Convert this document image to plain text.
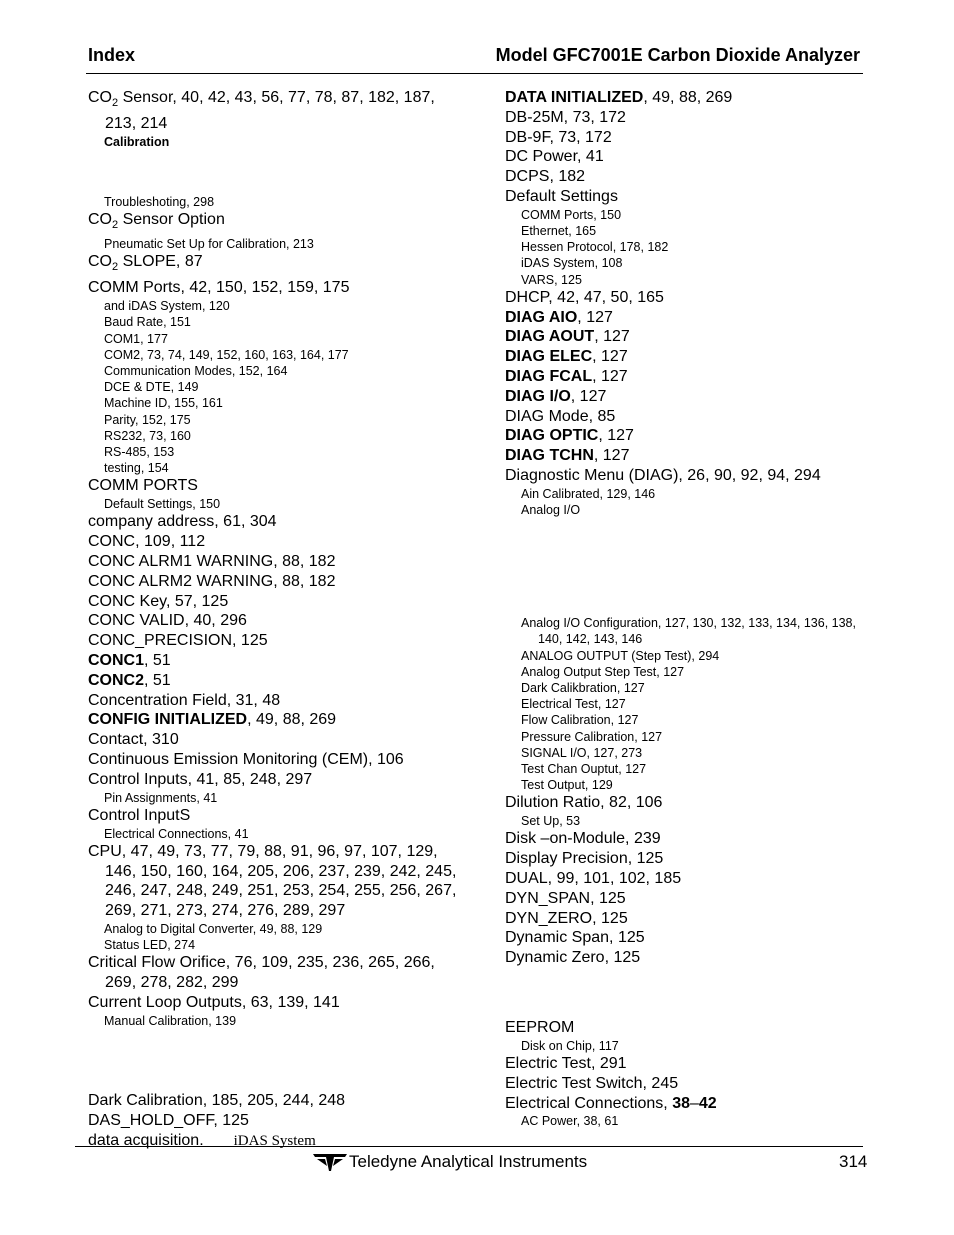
Index	Model GFC7001E Carbon Dioxide Analyzer
$CO_2$ Sensor, 40, 42, 43, 56, 77, 78, 87, 182, 187, 213, 214
Calibration
Troubleshoting, 298
$CO_2$ Sensor Option
Pneumatic Set Up for Calibration, 213
$CO_2$ SLOPE, 87
COMM Ports, 42, 150, 152, 159, 175
and iDAS System, 120
Baud Rate, 151
COM1, 177
COM2, 73, 74, 149, 152, 160, 163, 164, 177
Communication Modes, 152, 164
DCE & DTE, 149
Machine ID, 155, 161
Parity, 152, 175
RS232, 73, 160
RS-485, 153
testing, 154
COMM PORTS
Default Settings, 150
company address, 61, 304
CONC, 109, 112
CONC ALRM1 WARNING, 88, 182
CONC ALRM2 WARNING, 88, 182
CONC Key, 57, 125
CONC VALID, 40, 296
CONC_PRECISION, 125
CONC1, 51
CONC2, 51
Concentration Field, 31, 48
CONFIG INITIALIZED, 49, 88, 269
Contact, 310
Continuous Emission Monitoring (CEM), 106
Control Inputs, 41, 85, 248, 297
Pin Assignments, 41
Control InputS
Electrical Connections, 41
CPU, 47, 49, 73, 77, 79, 88, 91, 96, 97, 107, 129, 146, 150, 160, 164, 205, 206, 237, 239, 242, 245, 246, 247, 248, 249, 251, 253, 254, 255, 256, 267, 269, 271, 273, 274, 276, 289, 297
Analog to Digital Converter, 49, 88, 129
Status LED, 274
Critical Flow Orifice, 76, 109, 235, 236, 265, 266, 269, 278, 282, 299
Current Loop Outputs, 63, 139, 141
Manual Calibration, 139
Dark Calibration, 185, 205, 244, 248
DAS_HOLD_OFF, 125
data acquisition. iDAS System
DATA INITIALIZED, 49, 88, 269
DB-25M, 73, 172
DB-9F, 73, 172
DC Power, 41
DCPS, 182
Default Settings
COMM Ports, 150
Ethernet, 165
Hessen Protocol, 178, 182
iDAS System, 108
VARS, 125
DHCP, 42, 47, 50, 165
DIAG AIO, 127
DIAG AOUT, 127
DIAG ELEC, 127
DIAG FCAL, 127
DIAG I/O, 127
DIAG Mode, 85
DIAG OPTIC, 127
DIAG TCHN, 127
Diagnostic Menu (DIAG), 26, 90, 92, 94, 294
Ain Calibrated, 129, 146
Analog I/O
Analog I/O Configuration, 127, 130, 132, 133, 134, 136, 138, 140, 142, 143, 146
ANALOG OUTPUT (Step Test), 294
Analog Output Step Test, 127
Dark Calikbration, 127
Electrical Test, 127
Flow Calibration, 127
Pressure Calibration, 127
SIGNAL I/O, 127, 273
Test Chan Ouptut, 127
Test Output, 129
Dilution Ratio, 82, 106
Set Up, 53
Disk –on-Module, 239
Display Precision, 125
DUAL, 99, 101, 102, 185
DYN_SPAN, 125
DYN_ZERO, 125
Dynamic Span, 125
Dynamic Zero, 125
EEPROM
Disk on Chip, 117
Electric Test, 291
Electric Test Switch, 245
Electrical Connections, 38–42
AC Power, 38, 61
Teledyne Analytical Instruments	314
